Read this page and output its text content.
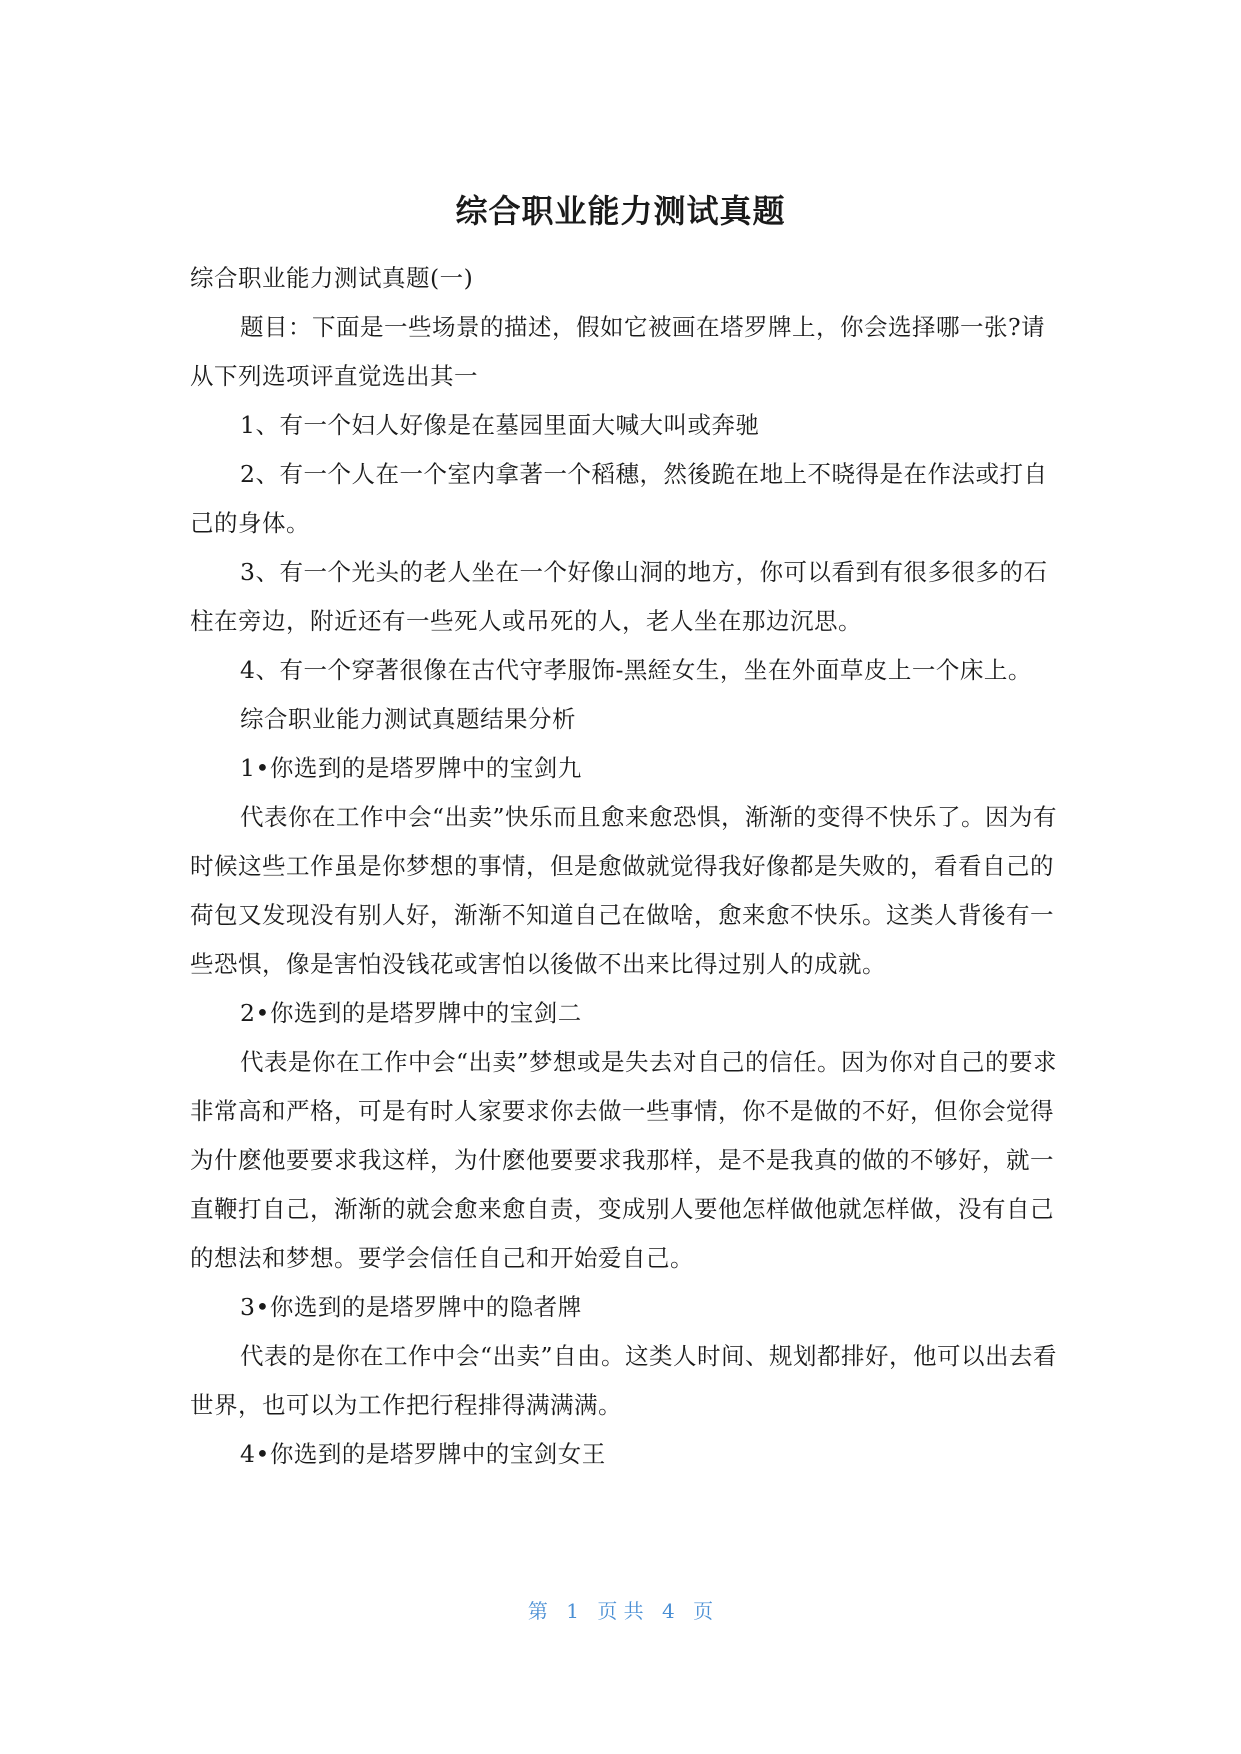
综合职业能力测试真题

综合职业能力测试真题(一)

题目：下面是一些场景的描述，假如它被画在塔罗牌上，你会选择哪一张?请从下列选项评直觉选出其一

1、有一个妇人好像是在墓园里面大喊大叫或奔驰

2、有一个人在一个室内拿著一个稻穗，然後跪在地上不晓得是在作法或打自己的身体。

3、有一个光头的老人坐在一个好像山洞的地方，你可以看到有很多很多的石柱在旁边，附近还有一些死人或吊死的人，老人坐在那边沉思。

4、有一个穿著很像在古代守孝服饰-黑絰女生，坐在外面草皮上一个床上。

综合职业能力测试真题结果分析

1•你选到的是塔罗牌中的宝剑九

代表你在工作中会“出卖”快乐而且愈来愈恐惧，渐渐的变得不快乐了。因为有时候这些工作虽是你梦想的事情，但是愈做就觉得我好像都是失败的，看看自己的荷包又发现没有别人好，渐渐不知道自己在做啥，愈来愈不快乐。这类人背後有一些恐惧，像是害怕没钱花或害怕以後做不出来比得过别人的成就。

2•你选到的是塔罗牌中的宝剑二

代表是你在工作中会“出卖”梦想或是失去对自己的信任。因为你对自己的要求非常高和严格，可是有时人家要求你去做一些事情，你不是做的不好，但你会觉得为什麽他要要求我这样，为什麽他要要求我那样，是不是我真的做的不够好，就一直鞭打自己，渐渐的就会愈来愈自责，变成别人要他怎样做他就怎样做，没有自己的想法和梦想。要学会信任自己和开始爱自己。

3•你选到的是塔罗牌中的隐者牌

代表的是你在工作中会“出卖”自由。这类人时间、规划都排好，他可以出去看世界，也可以为工作把行程排得满满满。

4•你选到的是塔罗牌中的宝剑女王

第 1 页 共 4 页
